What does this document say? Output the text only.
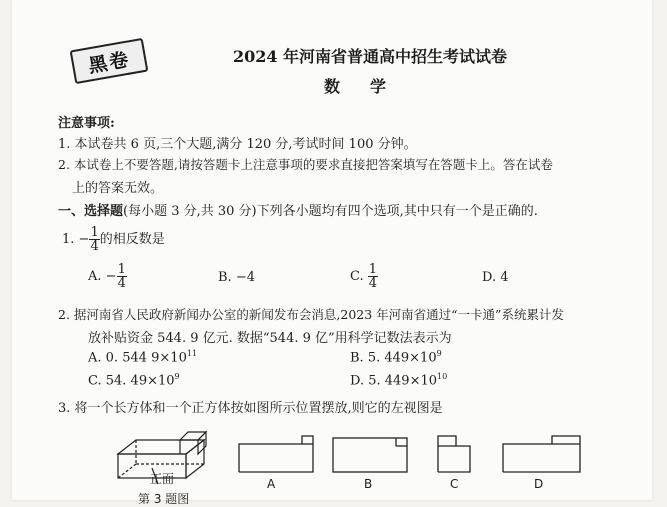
黑卷	2024 年河南省普通高中招生考试试卷
数学
注意事项:
1. 本试卷共 6 页,三个大题,满分 120 分,考试时间 100 分钟。
2. 本试卷上不要答题,请按答题卡上注意事项的要求直接把答案填写在答题卡上。答在试卷
上的答案无效。
一、选择题(每小题 3 分,共 30 分)下列各小题均有四个选项,其中只有一个是正确的.
1. − $\frac{1}{4}$ 的相反数是
A. − $\frac{1}{4}$	B. −4	C. $\frac{1}{4}$	D. 4
2. 据河南省人民政府新闻办公室的新闻发布会消息,2023 年河南省通过“一卡通”系统累计发
放补贴资金 544. 9 亿元. 数据“544. 9 亿”用科学记数法表示为
A. 0. 544 $9\times 10^{11}$	B. 5. $449\times 10^9$
C. 54. $49\times 10^9$	D. 5. $449\times 10^{10}$
3. 将一个长方体和一个正方体按如图所示位置摆放,则它的左视图是
正面
第 3 题图
A	B	C	D
